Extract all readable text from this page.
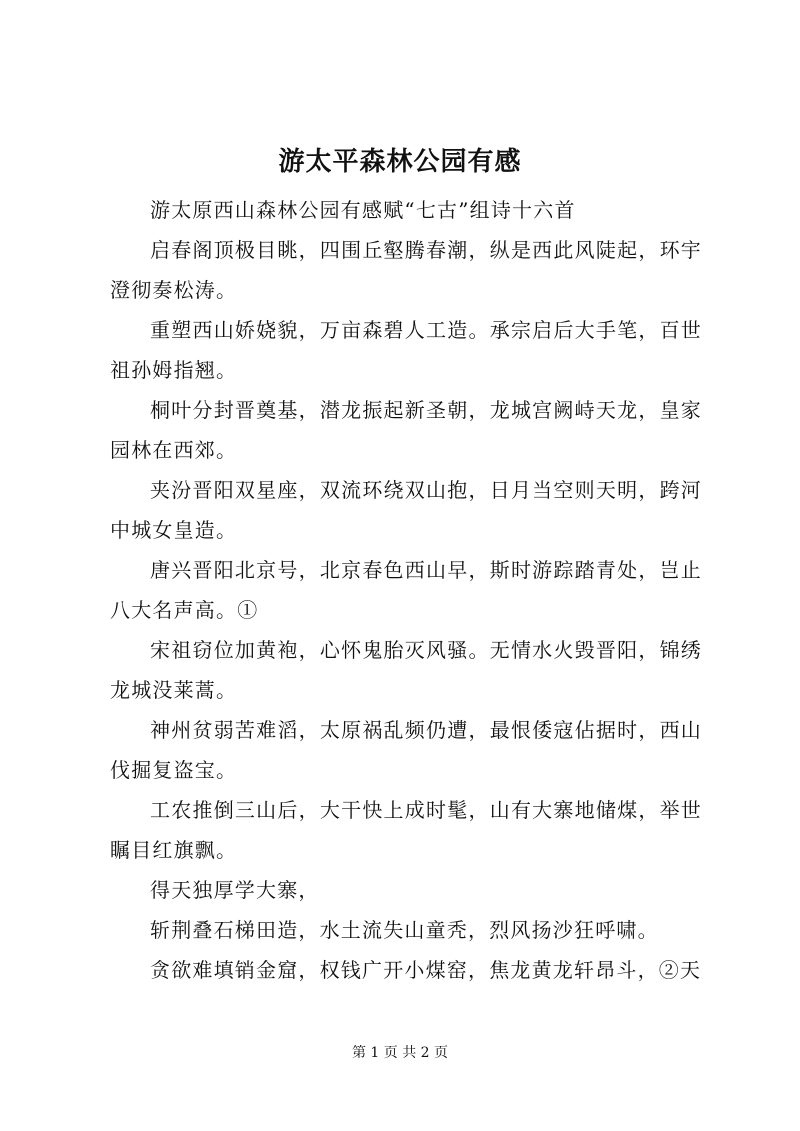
游太平森林公园有感

游太原西山森林公园有感赋“七古”组诗十六首

启春阁顶极目眺，四围丘壑腾春潮，纵是西此风陡起，环宇澄彻奏松涛。

重塑西山娇娆貌，万亩森碧人工造。承宗启后大手笔，百世祖孙姆指翘。

桐叶分封晋奠基，潜龙振起新圣朝，龙城宫阙峙天龙，皇家园林在西郊。

夹汾晋阳双星座，双流环绕双山抱，日月当空则天明，跨河中城女皇造。

唐兴晋阳北京号，北京春色西山早，斯时游踪踏青处，岂止八大名声高。①

宋祖窃位加黄袍，心怀鬼胎灭风骚。无情水火毁晋阳，锦绣龙城没莱蒿。

神州贫弱苦难滔，太原祸乱频仍遭，最恨倭寇佔据时，西山伐掘复盗宝。

工农推倒三山后，大干快上成时髦，山有大寨地储煤，举世瞩目红旗飘。

得天独厚学大寨，

斩荆叠石梯田造，水土流失山童秃，烈风扬沙狂呼啸。

贪欲难填销金窟，权钱广开小煤窑，焦龙黄龙轩昂斗，②天

第 1 页 共 2 页
